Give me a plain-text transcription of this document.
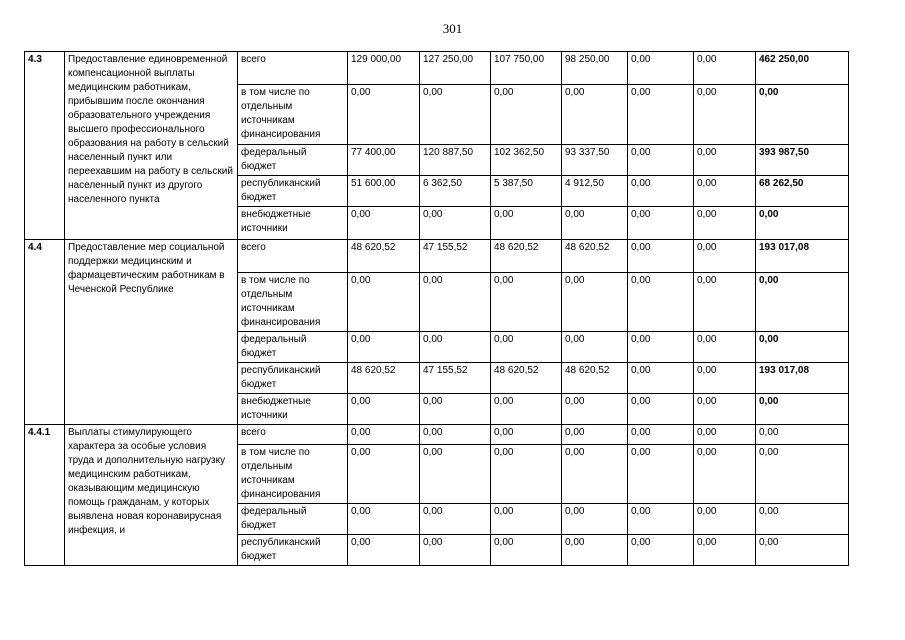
301
4.3	Предоставление единовременной компенсационной выплаты медицинским работникам, прибывшим после окончания образовательного учреждения высшего профессионального образования на работу в сельский населенный пункт или переехавшим на работу в сельский населенный пункт из другого населенного пункта	всего	129 000,00	127 250,00	107 750,00	98 250,00	0,00	0,00	462 250,00
		в том числе по отдельным источникам финансирования	0,00	0,00	0,00	0,00	0,00	0,00	0,00
		федеральный бюджет	77 400,00	120 887,50	102 362,50	93 337,50	0,00	0,00	393 987,50
		республиканский бюджет	51 600,00	6 362,50	5 387,50	4 912,50	0,00	0,00	68 262,50
		внебюджетные источники	0,00	0,00	0,00	0,00	0,00	0,00	0,00
4.4	Предоставление мер социальной поддержки медицинским и фармацевтическим работникам в Чеченской Республике	всего	48 620,52	47 155,52	48 620,52	48 620,52	0,00	0,00	193 017,08
		в том числе по отдельным источникам финансирования	0,00	0,00	0,00	0,00	0,00	0,00	0,00
		федеральный бюджет	0,00	0,00	0,00	0,00	0,00	0,00	0,00
		республиканский бюджет	48 620,52	47 155,52	48 620,52	48 620,52	0,00	0,00	193 017,08
		внебюджетные источники	0,00	0,00	0,00	0,00	0,00	0,00	0,00
4.4.1	Выплаты стимулирующего характера за особые условия труда и дополнительную нагрузку медицинским работникам, оказывающим медицинскую помощь гражданам, у которых выявлена новая коронавирусная инфекция, и	всего	0,00	0,00	0,00	0,00	0,00	0,00	0,00
		в том числе по отдельным источникам финансирования	0,00	0,00	0,00	0,00	0,00	0,00	0,00
		федеральный бюджет	0,00	0,00	0,00	0,00	0,00	0,00	0,00
		республиканский бюджет	0,00	0,00	0,00	0,00	0,00	0,00	0,00
